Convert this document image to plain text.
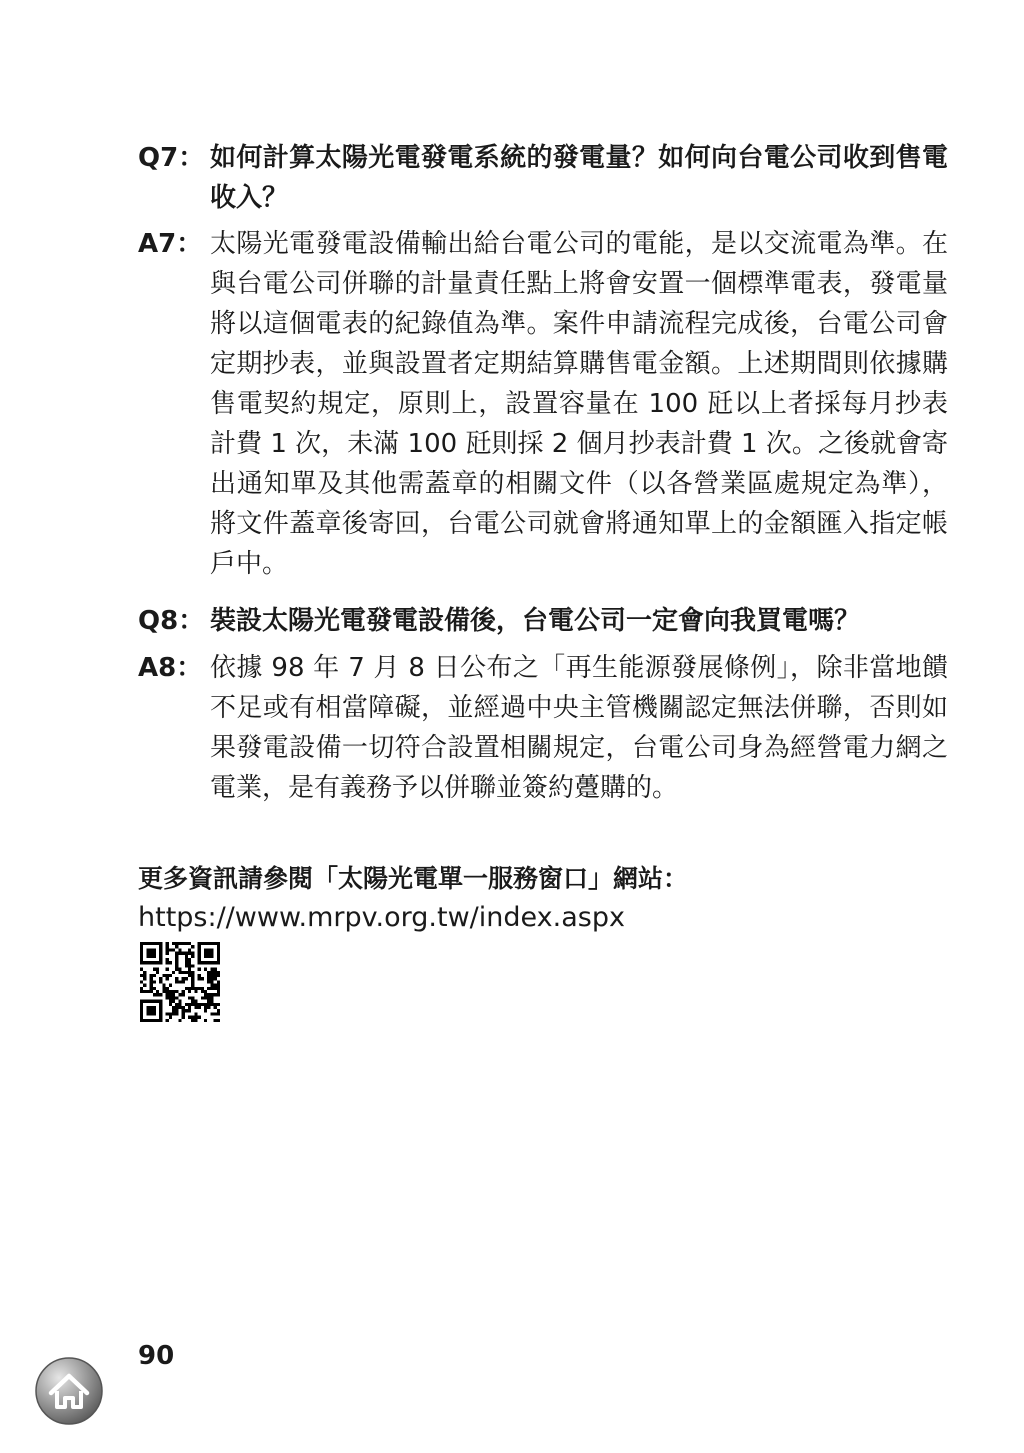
Q7： 如何計算太陽光電發電系統的發電量？如何向台電公司收到售電收入？
A7： 太陽光電發電設備輸出給台電公司的電能，是以交流電為準。在與台電公司併聯的計量責任點上將會安置一個標準電表，發電量將以這個電表的紀錄值為準。案件申請流程完成後，台電公司會定期抄表，並與設置者定期結算購售電金額。上述期間則依據購售電契約規定，原則上，設置容量在 100 瓩以上者採每月抄表計費 1 次，未滿 100 瓩則採 2 個月抄表計費 1 次。之後就會寄出通知單及其他需蓋章的相關文件（以各營業區處規定為準），將文件蓋章後寄回，台電公司就會將通知單上的金額匯入指定帳戶中。
Q8： 裝設太陽光電發電設備後，台電公司一定會向我買電嗎？
A8： 依據 98 年 7 月 8 日公布之「再生能源發展條例」，除非當地饋不足或有相當障礙，並經過中央主管機關認定無法併聯，否則如果發電設備一切符合設置相關規定，台電公司身為經營電力網之電業，是有義務予以併聯並簽約躉購的。
更多資訊請參閱「太陽光電單一服務窗口」網站：
https://www.mrpv.org.tw/index.aspx
90
